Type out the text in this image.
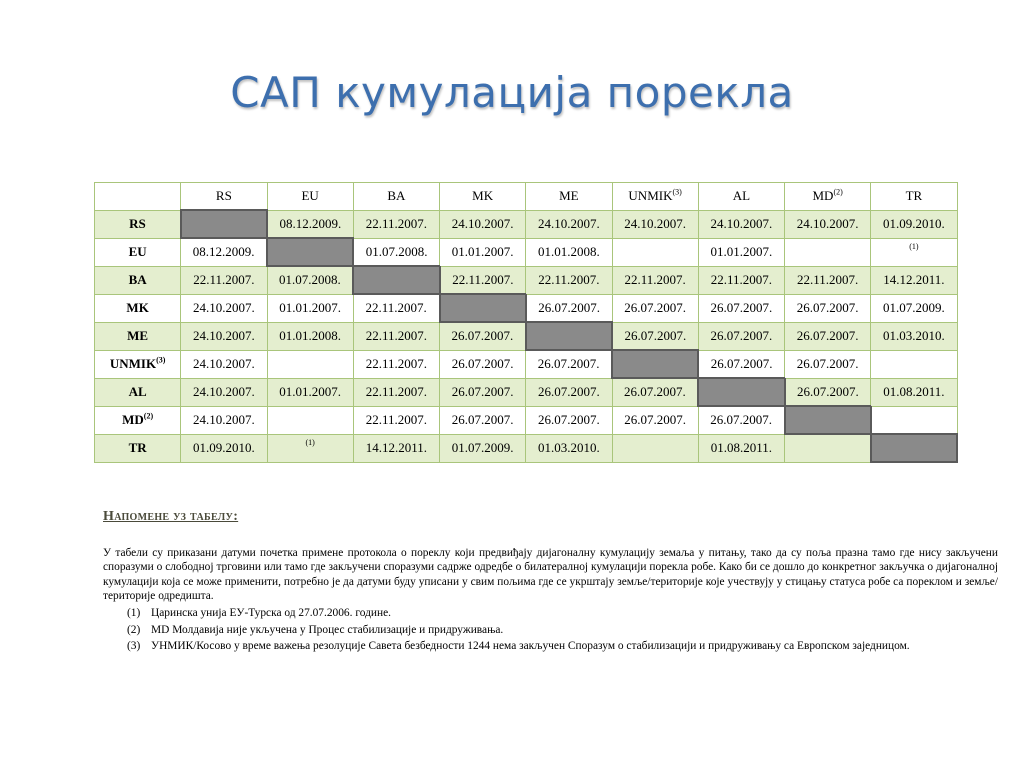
САП кумулација порекла
	RS	EU	BA	MK	ME	UNMIK$^{(3)}$	AL	MD$^{(2)}$	TR
RS		08.12.2009.	22.11.2007.	24.10.2007.	24.10.2007.	24.10.2007.	24.10.2007.	24.10.2007.	01.09.2010.
EU	08.12.2009.		01.07.2008.	01.01.2007.	01.01.2008.		01.01.2007.		(1)

BA	22.11.2007.	01.07.2008.		22.11.2007.	22.11.2007.	22.11.2007.	22.11.2007.	22.11.2007.	14.12.2011.
MK	24.10.2007.	01.01.2007.	22.11.2007.		26.07.2007.	26.07.2007.	26.07.2007.	26.07.2007.	01.07.2009.
ME	24.10.2007.	01.01.2008.	22.11.2007.	26.07.2007.		26.07.2007.	26.07.2007.	26.07.2007.	01.03.2010.
UNMIK$^{(3)}$	24.10.2007.		22.11.2007.	26.07.2007.	26.07.2007.		26.07.2007.	26.07.2007.	
AL	24.10.2007.	01.01.2007.	22.11.2007.	26.07.2007.	26.07.2007.	26.07.2007.		26.07.2007.	01.08.2011.
MD$^{(2)}$	24.10.2007.		22.11.2007.	26.07.2007.	26.07.2007.	26.07.2007.	26.07.2007.		
TR	01.09.2010.	(1)	14.12.2011.	01.07.2009.	01.03.2010.		01.08.2011.		
Напомене уз табелу:
У табели су приказани датуми почетка примене протокола о пореклу који предвиђају дијагоналну кумулацију земаља у питању, тако да су поља празна тамо где нису закључени споразуми о слободној трговини или тамо где закључени споразуми садрже одредбе о билатералној кумулацији порекла робе. Како би се дошло до конкретног закључка о дијагоналној кумулацији која се може применити, потребно је да датуми буду уписани у свим пољима где се укрштају земље/територије које учествују у стицању статуса робе са пореклом и земље/територије одредишта.
(1) Царинска унија ЕУ-Турска од 27.07.2006. године.
(2) MD Молдавија није укључена у Процес стабилизације и придруживања.
(3) УНМИК/Косово у време важења резолуције Савета безбедности 1244 нема закључен Споразум о стабилизацији и придруживању са Европском заједницом.
